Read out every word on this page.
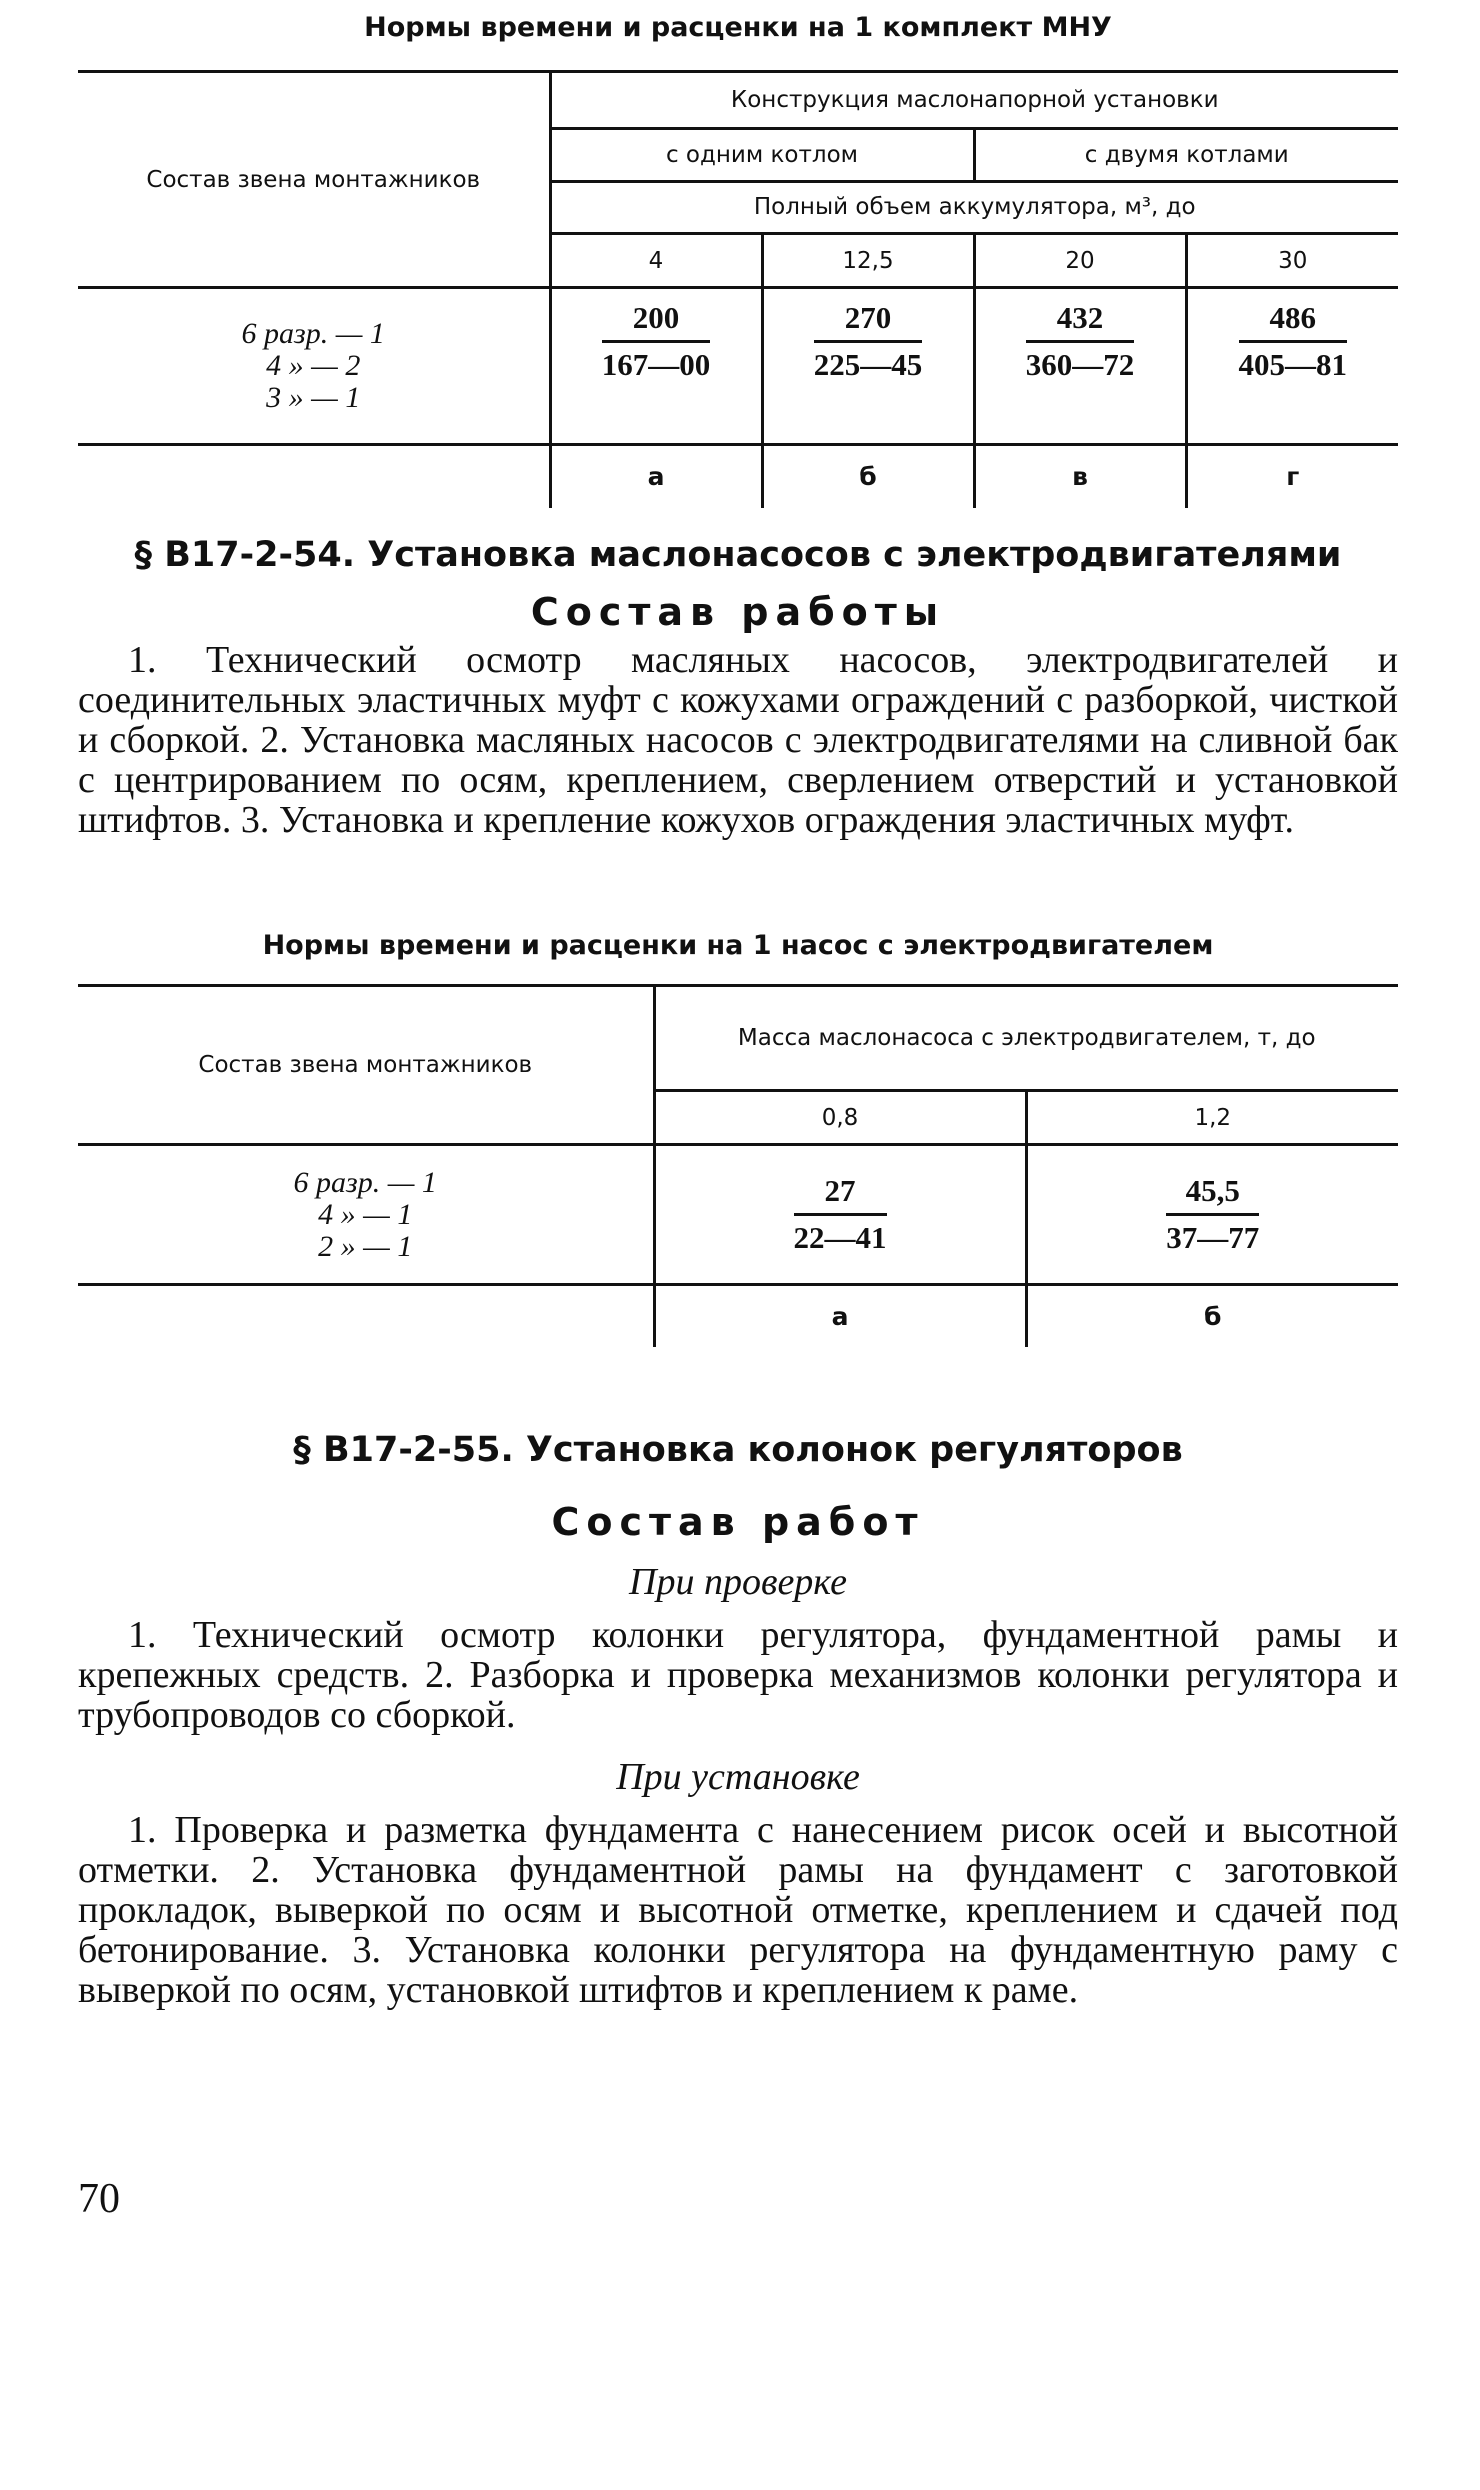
Нормы времени и расценки на 1 комплект МНУ
Состав звена монтажников	Конструкция маслонапорной установки			
	с одним котлом		с двумя котлами	
	Полный объем аккумулятора, м³, до			
	4	12,5	20	30

6 разр. — 1
4 » — 2
3 » — 1	$\frac{200}{167—00}$	$\frac{270}{225—45}$	$\frac{432}{360—72}$	$\frac{486}{405—81}$

	а	б	в	г
§ В17-2-54. Установка маслонасосов с электродвигателями
Состав работы
1. Технический осмотр масляных насосов, электродвигателей и соединительных эластичных муфт с кожухами ограждений с разборкой, чисткой и сборкой. 2. Установка масляных насосов с электродвигателями на сливной бак с центрированием по осям, креплением, сверлением отверстий и установкой штифтов. 3. Установка и крепление кожухов ограждения эластичных муфт.
Нормы времени и расценки на 1 насос с электродвигателем
Состав звена монтажников	Масса маслонасоса с электродвигателем, т, до	
	0,8	1,2

6 разр. — 1
4 » — 1
2 » — 1	$\frac{27}{22—41}$	$\frac{45,5}{37—77}$

	а	б
§ В17-2-55. Установка колонок регуляторов
Состав работ
При проверке
1. Технический осмотр колонки регулятора, фундаментной рамы и крепежных средств. 2. Разборка и проверка механизмов колонки регулятора и трубопроводов со сборкой.
При установке
1. Проверка и разметка фундамента с нанесением рисок осей и высотной отметки. 2. Установка фундаментной рамы на фундамент с заготовкой прокладок, выверкой по осям и высотной отметке, креплением и сдачей под бетонирование. 3. Установка колонки регулятора на фундаментную раму с выверкой по осям, установкой штифтов и креплением к раме.
70
